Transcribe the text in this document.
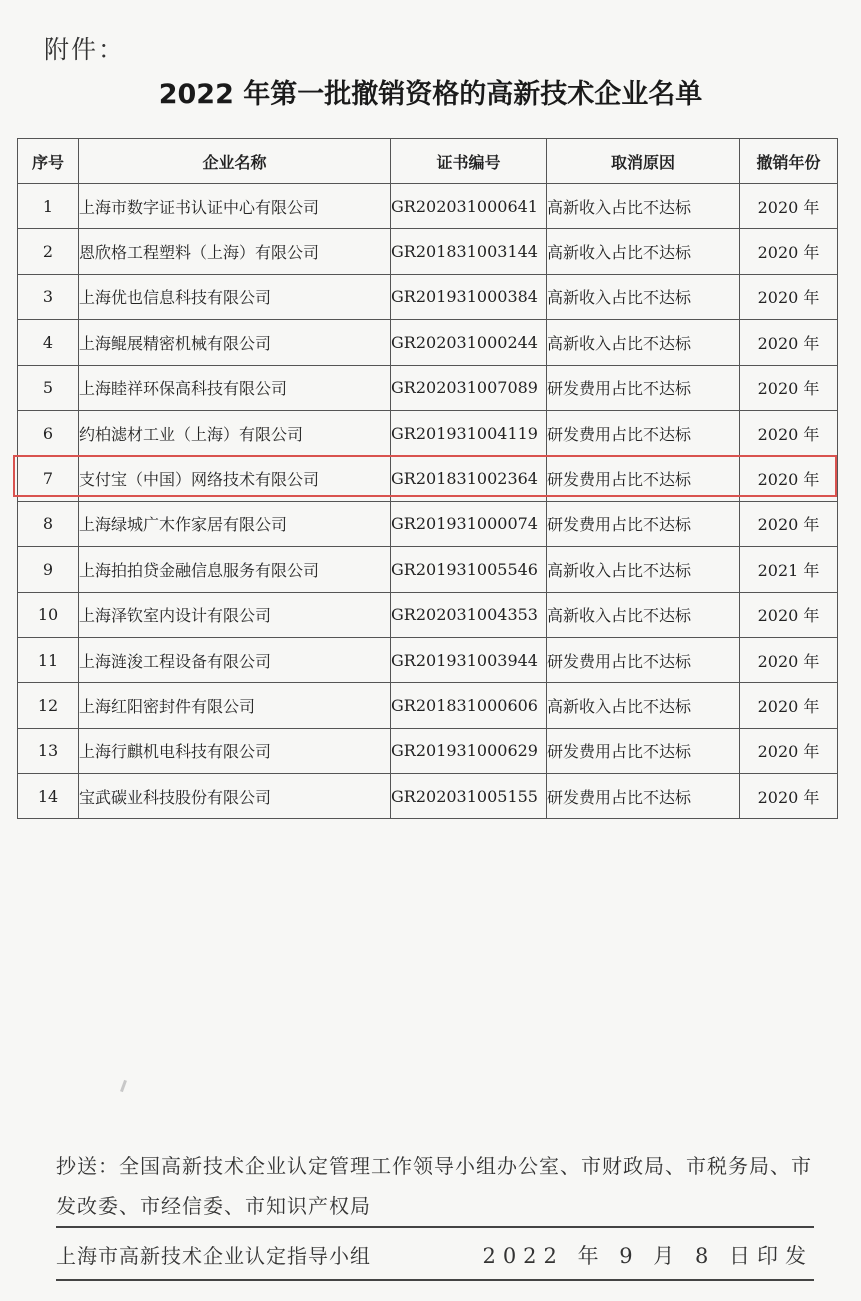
附件：
2022 年第一批撤销资格的高新技术企业名单
序号	企业名称	证书编号	取消原因	撤销年份
1	上海市数字证书认证中心有限公司	GR202031000641	高新收入占比不达标	2020 年
2	恩欣格工程塑料（上海）有限公司	GR201831003144	高新收入占比不达标	2020 年
3	上海优也信息科技有限公司	GR201931000384	高新收入占比不达标	2020 年
4	上海鲲展精密机械有限公司	GR202031000244	高新收入占比不达标	2020 年
5	上海睦祥环保高科技有限公司	GR202031007089	研发费用占比不达标	2020 年
6	约柏滤材工业（上海）有限公司	GR201931004119	研发费用占比不达标	2020 年
7	支付宝（中国）网络技术有限公司	GR201831002364	研发费用占比不达标	2020 年
8	上海绿城广木作家居有限公司	GR201931000074	研发费用占比不达标	2020 年
9	上海拍拍贷金融信息服务有限公司	GR201931005546	高新收入占比不达标	2021 年
10	上海泽钦室内设计有限公司	GR202031004353	高新收入占比不达标	2020 年
11	上海涟浚工程设备有限公司	GR201931003944	研发费用占比不达标	2020 年
12	上海红阳密封件有限公司	GR201831000606	高新收入占比不达标	2020 年
13	上海行麒机电科技有限公司	GR201931000629	研发费用占比不达标	2020 年
14	宝武碳业科技股份有限公司	GR202031005155	研发费用占比不达标	2020 年
抄送：全国高新技术企业认定管理工作领导小组办公室、市财政局、市税务局、市发改委、市经信委、市知识产权局
上海市高新技术企业认定指导小组	2022 年 9 月 8 日印发
